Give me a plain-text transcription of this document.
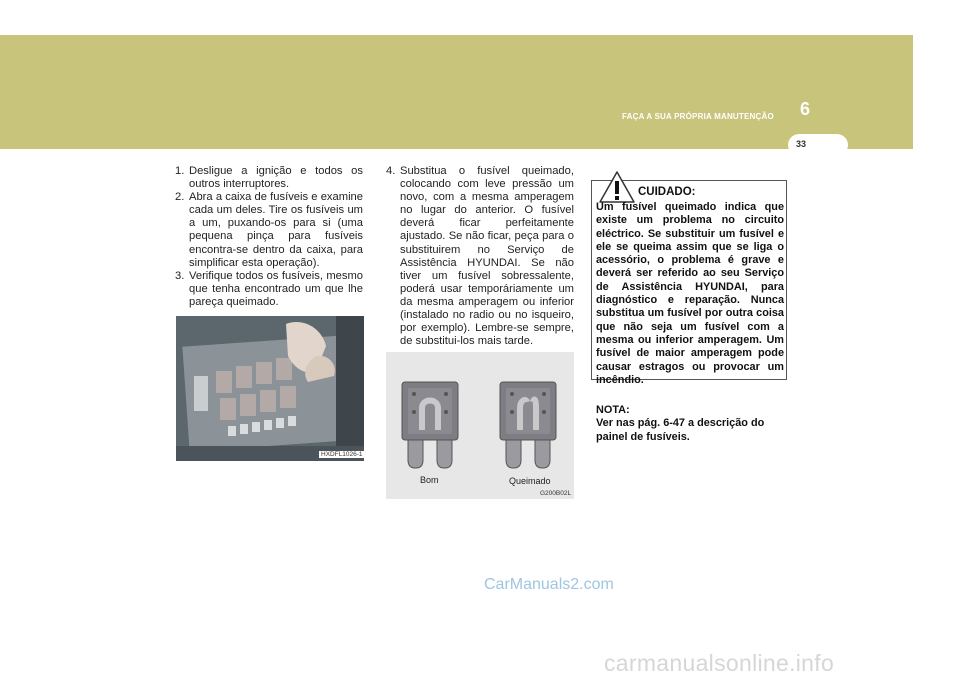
FAÇA A SUA PRÓPRIA MANUTENÇÃO	6
33
1. Desligue a ignição e todos os outros interruptores.
2. Abra a caixa de fusíveis e examine cada um deles. Tire os fusíveis um a um, puxando-os para si (uma pequena pinça para fusíveis encontra-se dentro da caixa, para simplificar esta operação).
3. Verifique todos os fusíveis, mesmo que tenha encontrado um que lhe pareça queimado.
HXDFL1026-1
4. Substitua o fusível queimado, colocando com leve pressão um novo, com a mesma amperagem no lugar do anterior. O fusível deverá ficar perfeitamente ajustado. Se não ficar, peça para o substituirem no Serviço de Assistência HYUNDAI. Se não tiver um fusível sobressalente, poderá usar temporáriamente um da mesma amperagem ou inferior (instalado no radio ou no isqueiro, por exemplo). Lembre-se sempre, de substitui-los mais tarde.
Bom	Queimado
G200B02L
CUIDADO:
Um fusível queimado indica que existe um problema no circuito eléctrico. Se substituir um fusível e ele se queima assim que se liga o acessório, o problema é grave e deverá ser referido ao seu Serviço de Assistência HYUNDAI, para diagnóstico e reparação. Nunca substitua um fusível por outra coisa que não seja um fusível com a mesma ou inferior amperagem. Um fusível de maior amperagem pode causar estragos ou provocar um incêndio.
NOTA:
Ver nas pág. 6-47 a descrição do painel de fusíveis.
CarManuals2.com
carmanualsonline.info
